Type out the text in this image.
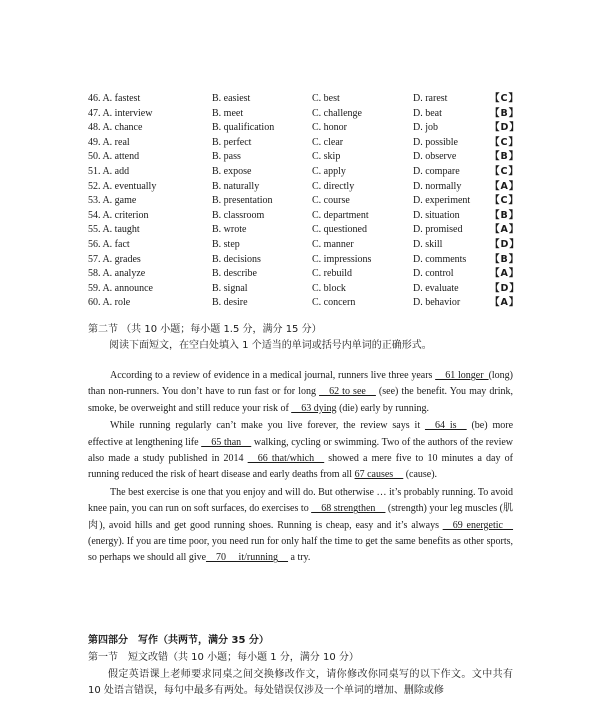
46. A. fastest	B. easiest	C. best	D. rarest	【C】
47. A. interview	B. meet	C. challenge	D. beat	【B】
48. A. chance	B. qualification	C. honor	D. job	【D】
49. A. real	B. perfect	C. clear	D. possible	【C】
50. A. attend	B. pass	C. skip	D. observe	【B】
51. A. add	B. expose	C. apply	D. compare	【C】
52. A. eventually	B. naturally	C. directly	D. normally	【A】
53. A. game	B. presentation	C. course	D. experiment 【C】
54. A. criterion	B. classroom	C. department	D. situation	【B】
55. A. taught	B. wrote	C. questioned	D. promised	【A】
56. A. fact	B. step	C. manner	D. skill	【D】
57. A. grades	B. decisions	C. impressions	D. comments 【B】
58. A. analyze	B. describe	C. rebuild	D. control	【A】
59. A. announce	B. signal	C. block	D. evaluate	【D】
60. A. role	B. desire	C. concern	D. behavior	【A】
第二节 （共 10 小题；每小题 1.5 分，满分 15 分）
阅读下面短文，在空白处填入 1 个适当的单词或括号内单词的正确形式。

According to a review of evidence in a medical journal, runners live three years __61 longer_(long) than non-runners. You don’t have to run fast or for long __62 to see__ (see) the benefit. You may drink, smoke, be overweight and still reduce your risk of __63 dying (die) early by running.

While running regularly can’t make you live forever, the review says it __64 is__ (be) more effective at lengthening life __65 than__ walking, cycling or swimming. Two of the authors of the review also made a study published in 2014 __66 that/which__ showed a mere five to 10 minutes a day of running reduced the risk of heart disease and early deaths from all 67 causes__ (cause).

The best exercise is one that you enjoy and will do. But otherwise … it’s probably running. To avoid knee pain, you can run on soft surfaces, do exercises to __68 strengthen__ (strength) your leg muscles (肌肉), avoid hills and get good running shoes. Running is cheap, easy and it’s always __69 energetic__ (energy). If you are time poor, you need run for only half the time to get the same benefits as other sports, so perhaps we should all give__70__ it/running__ a try.

第四部分　写作（共两节，满分 35 分）
第一节　短文改错（共 10 小题；每小题 1 分，满分 10 分）
假定英语课上老师要求同桌之间交换修改作文，请你修改你同桌写的以下作文。文中共有 10 处语言错误，每句中最多有两处。每处错误仅涉及一个单词的增加、删除或修
